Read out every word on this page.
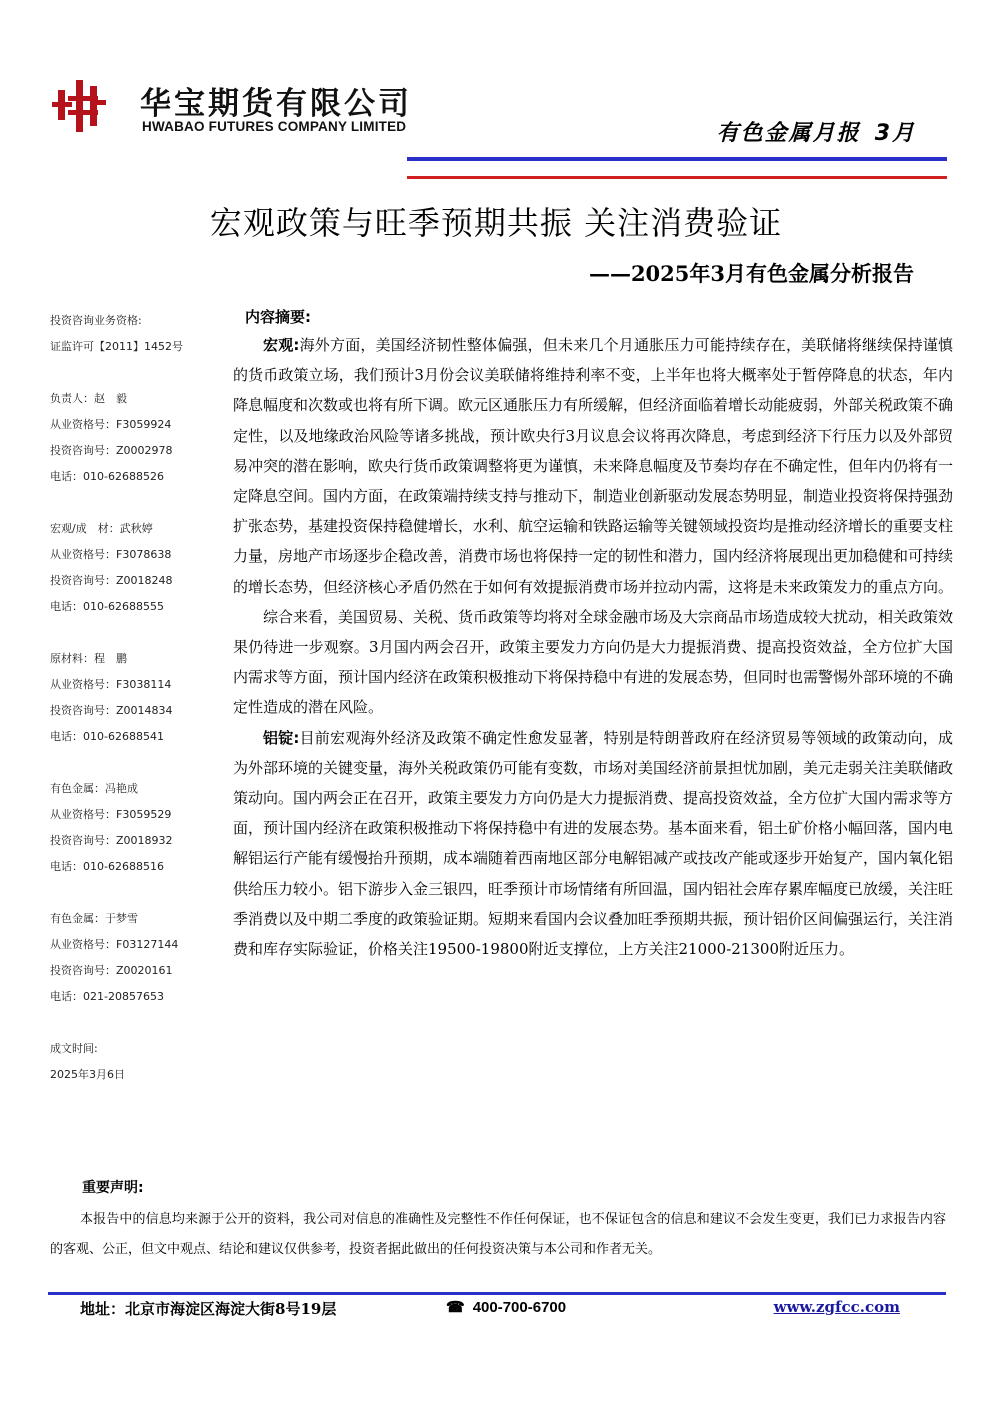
华宝期货有限公司
HWABAO FUTURES COMPANY LIMITED	有色金属月报 3月
宏观政策与旺季预期共振 关注消费验证
——2025年3月有色金属分析报告
投资咨询业务资格:
证监许可【2011】1452号
负责人：赵　毅
从业资格号：F3059924
投资咨询号：Z0002978
电话：010-62688526
宏观/成　材：武秋婷
从业资格号：F3078638
投资咨询号：Z0018248
电话：010-62688555
原材料：程　鹏
从业资格号：F3038114
投资咨询号：Z0014834
电话：010-62688541
有色金属：冯艳成
从业资格号：F3059529
投资咨询号：Z0018932
电话：010-62688516
有色金属：于梦雪
从业资格号：F03127144
投资咨询号：Z0020161
电话：021-20857653
成文时间:
2025年3月6日
内容摘要:

宏观:海外方面，美国经济韧性整体偏强，但未来几个月通胀压力可能持续存在，美联储将继续保持谨慎的货币政策立场，我们预计3月份会议美联储将维持利率不变，上半年也将大概率处于暂停降息的状态，年内降息幅度和次数或也将有所下调。欧元区通胀压力有所缓解，但经济面临着增长动能疲弱，外部关税政策不确定性，以及地缘政治风险等诸多挑战，预计欧央行3月议息会议将再次降息，考虑到经济下行压力以及外部贸易冲突的潜在影响，欧央行货币政策调整将更为谨慎，未来降息幅度及节奏均存在不确定性，但年内仍将有一定降息空间。国内方面，在政策端持续支持与推动下，制造业创新驱动发展态势明显，制造业投资将保持强劲扩张态势，基建投资保持稳健增长，水利、航空运输和铁路运输等关键领域投资均是推动经济增长的重要支柱力量，房地产市场逐步企稳改善，消费市场也将保持一定的韧性和潜力，国内经济将展现出更加稳健和可持续的增长态势，但经济核心矛盾仍然在于如何有效提振消费市场并拉动内需，这将是未来政策发力的重点方向。

综合来看，美国贸易、关税、货币政策等均将对全球金融市场及大宗商品市场造成较大扰动，相关政策效果仍待进一步观察。3月国内两会召开，政策主要发力方向仍是大力提振消费、提高投资效益，全方位扩大国内需求等方面，预计国内经济在政策积极推动下将保持稳中有进的发展态势，但同时也需警惕外部环境的不确定性造成的潜在风险。

铝锭:目前宏观海外经济及政策不确定性愈发显著，特别是特朗普政府在经济贸易等领域的政策动向，成为外部环境的关键变量，海外关税政策仍可能有变数，市场对美国经济前景担忧加剧，美元走弱关注美联储政策动向。国内两会正在召开，政策主要发力方向仍是大力提振消费、提高投资效益，全方位扩大国内需求等方面，预计国内经济在政策积极推动下将保持稳中有进的发展态势。基本面来看，铝土矿价格小幅回落，国内电解铝运行产能有缓慢抬升预期，成本端随着西南地区部分电解铝减产或技改产能或逐步开始复产，国内氧化铝供给压力较小。铝下游步入金三银四，旺季预计市场情绪有所回温，国内铝社会库存累库幅度已放缓，关注旺季消费以及中期二季度的政策验证期。短期来看国内会议叠加旺季预期共振，预计铝价区间偏强运行，关注消费和库存实际验证，价格关注19500-19800附近支撑位，上方关注21000-21300附近压力。

重要声明:

本报告中的信息均来源于公开的资料，我公司对信息的准确性及完整性不作任何保证，也不保证包含的信息和建议不会发生变更，我们已力求报告内容的客观、公正，但文中观点、结论和建议仅供参考，投资者据此做出的任何投资决策与本公司和作者无关。

地址：北京市海淀区海淀大街8号19层	☎ 400-700-6700	www.zgfcc.com
